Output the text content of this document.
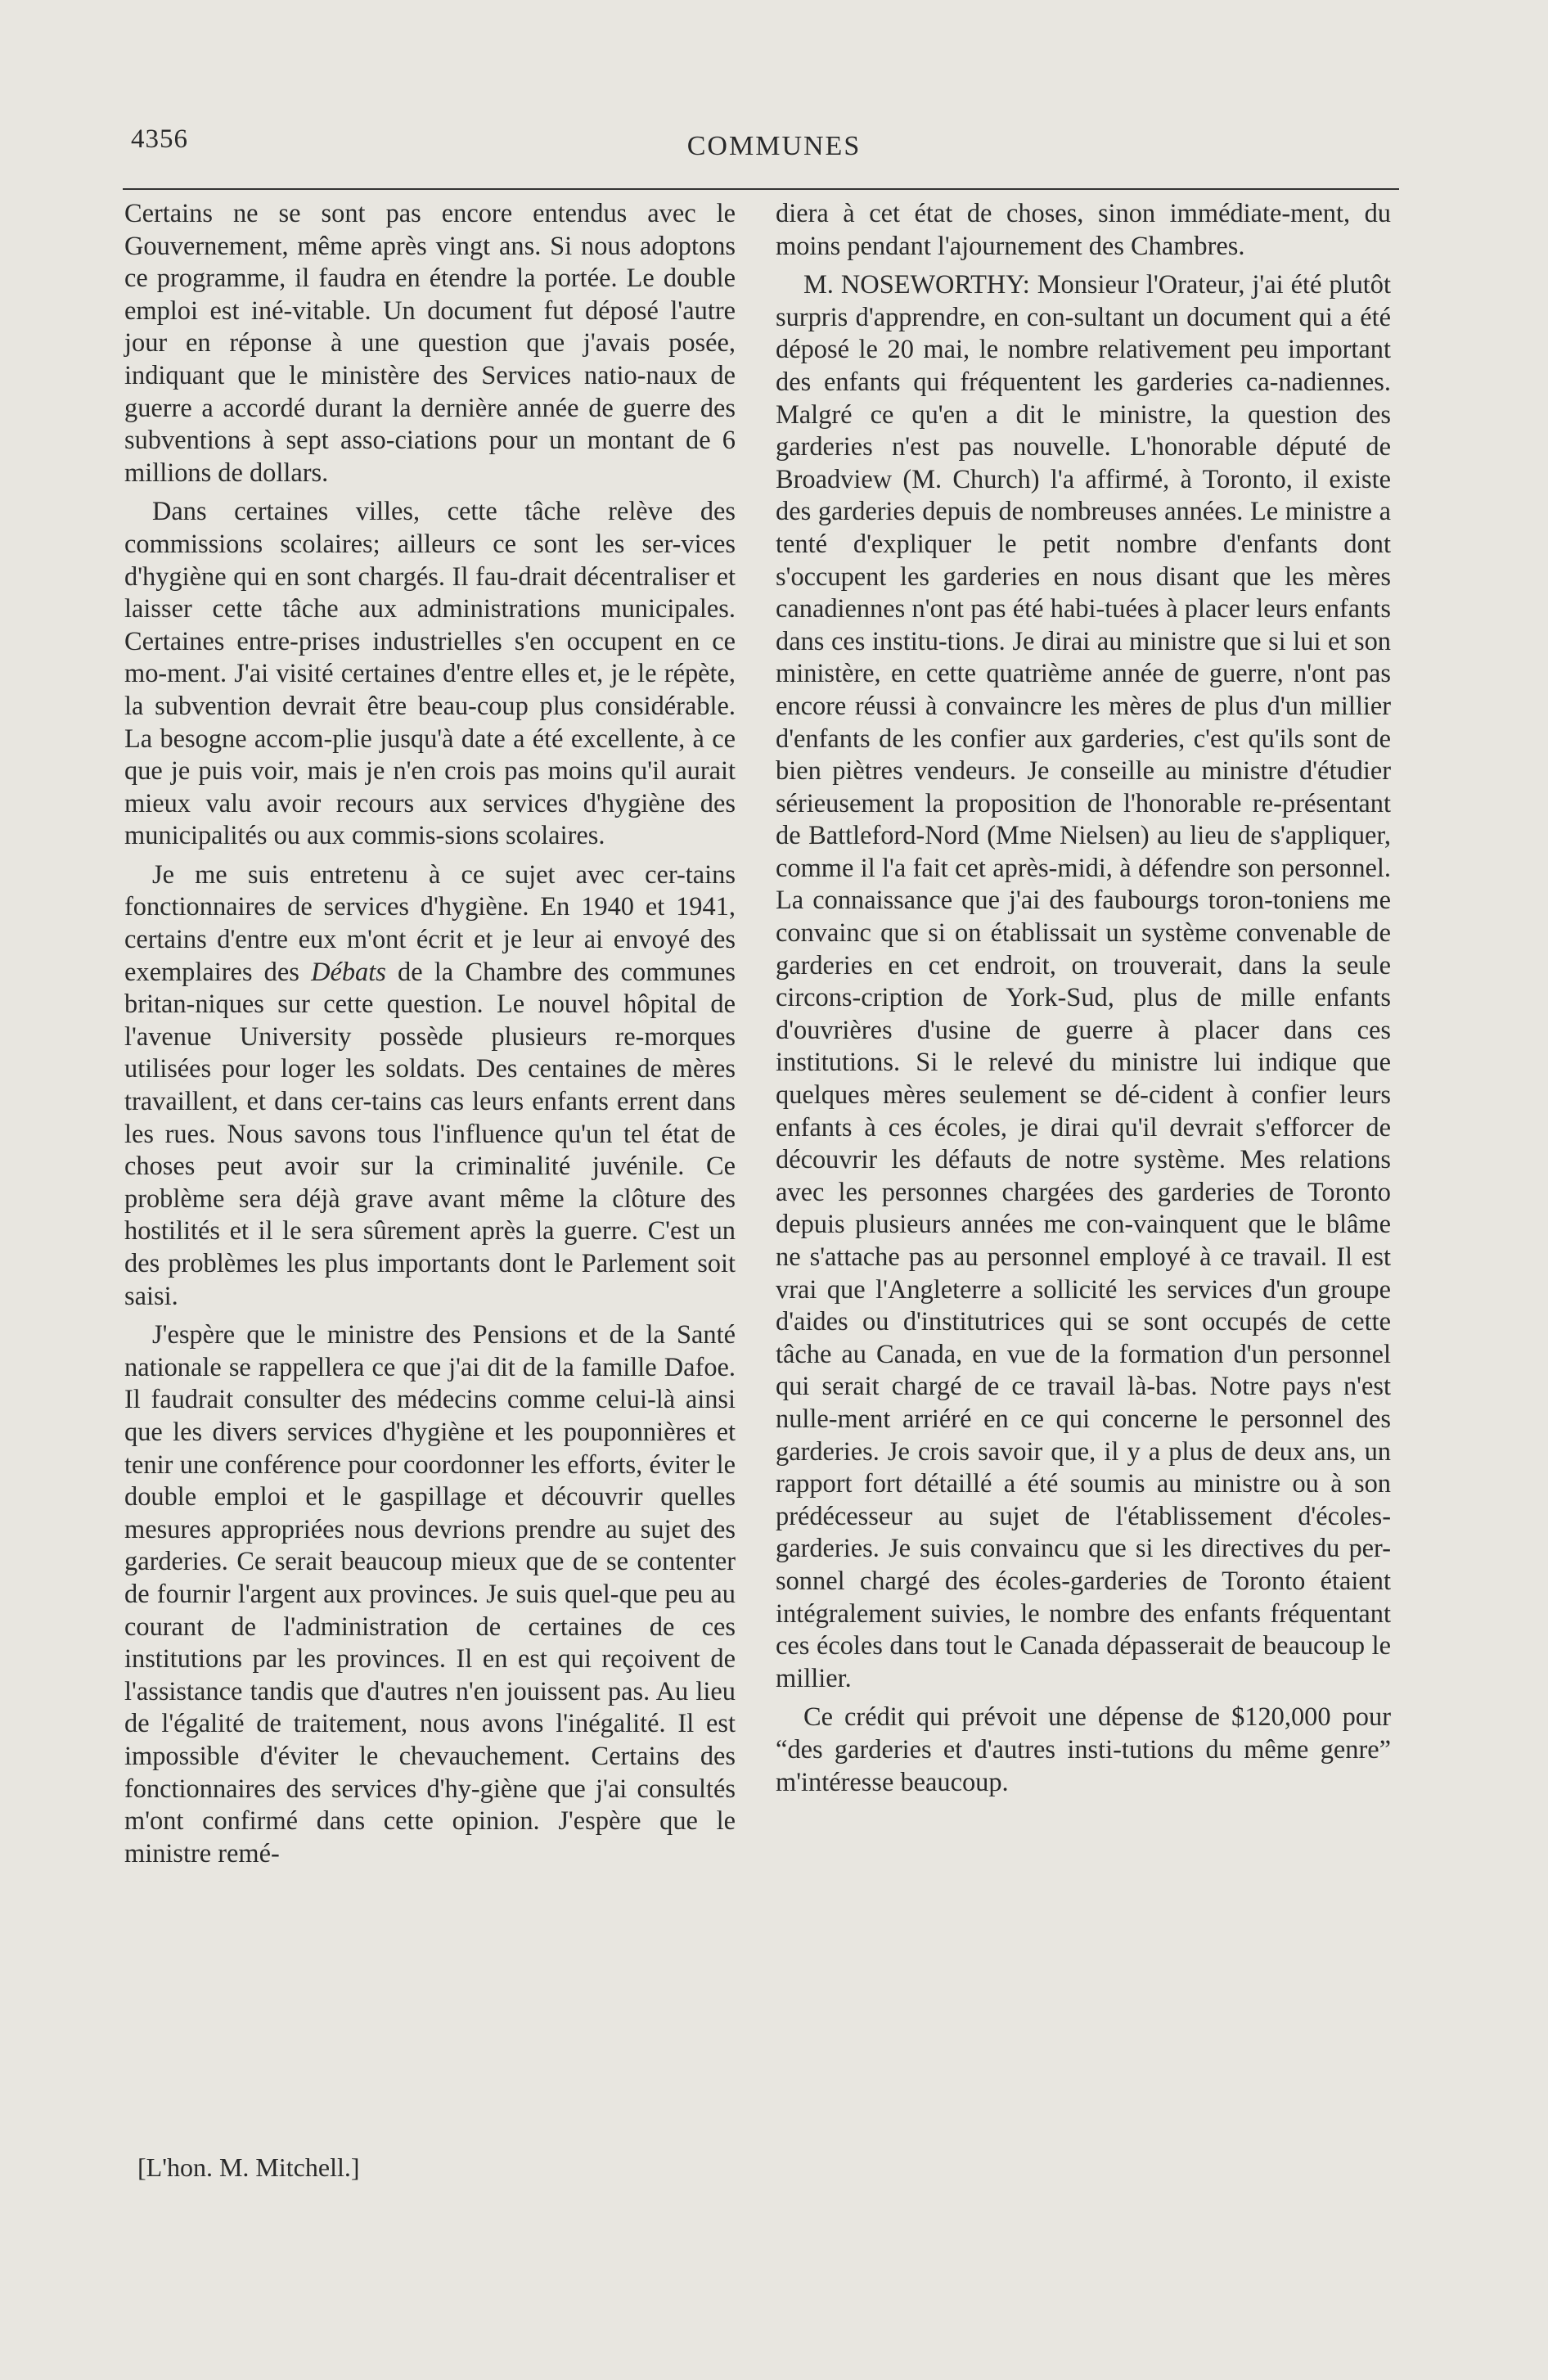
4356	COMMUNES

Certains ne se sont pas encore entendus avec le Gouvernement, même après vingt ans. Si nous adoptons ce programme, il faudra en étendre la portée. Le double emploi est iné-vitable. Un document fut déposé l'autre jour en réponse à une question que j'avais posée, indiquant que le ministère des Services natio-naux de guerre a accordé durant la dernière année de guerre des subventions à sept asso-ciations pour un montant de 6 millions de dollars.

Dans certaines villes, cette tâche relève des commissions scolaires; ailleurs ce sont les ser-vices d'hygiène qui en sont chargés. Il fau-drait décentraliser et laisser cette tâche aux administrations municipales. Certaines entre-prises industrielles s'en occupent en ce mo-ment. J'ai visité certaines d'entre elles et, je le répète, la subvention devrait être beau-coup plus considérable. La besogne accom-plie jusqu'à date a été excellente, à ce que je puis voir, mais je n'en crois pas moins qu'il aurait mieux valu avoir recours aux services d'hygiène des municipalités ou aux commis-sions scolaires.

Je me suis entretenu à ce sujet avec cer-tains fonctionnaires de services d'hygiène. En 1940 et 1941, certains d'entre eux m'ont écrit et je leur ai envoyé des exemplaires des Débats de la Chambre des communes britan-niques sur cette question. Le nouvel hôpital de l'avenue University possède plusieurs re-morques utilisées pour loger les soldats. Des centaines de mères travaillent, et dans cer-tains cas leurs enfants errent dans les rues. Nous savons tous l'influence qu'un tel état de choses peut avoir sur la criminalité juvénile. Ce problème sera déjà grave avant même la clôture des hostilités et il le sera sûrement après la guerre. C'est un des problèmes les plus importants dont le Parlement soit saisi.

J'espère que le ministre des Pensions et de la Santé nationale se rappellera ce que j'ai dit de la famille Dafoe. Il faudrait consulter des médecins comme celui-là ainsi que les divers services d'hygiène et les pouponnières et tenir une conférence pour coordonner les efforts, éviter le double emploi et le gaspillage et découvrir quelles mesures appropriées nous devrions prendre au sujet des garderies. Ce serait beaucoup mieux que de se contenter de fournir l'argent aux provinces. Je suis quel-que peu au courant de l'administration de certaines de ces institutions par les provinces. Il en est qui reçoivent de l'assistance tandis que d'autres n'en jouissent pas. Au lieu de l'égalité de traitement, nous avons l'inégalité. Il est impossible d'éviter le chevauchement. Certains des fonctionnaires des services d'hy-giène que j'ai consultés m'ont confirmé dans cette opinion. J'espère que le ministre remé-

[L'hon. M. Mitchell.]

diera à cet état de choses, sinon immédiate-ment, du moins pendant l'ajournement des Chambres.

M. NOSEWORTHY: Monsieur l'Orateur, j'ai été plutôt surpris d'apprendre, en con-sultant un document qui a été déposé le 20 mai, le nombre relativement peu important des enfants qui fréquentent les garderies ca-nadiennes. Malgré ce qu'en a dit le ministre, la question des garderies n'est pas nouvelle. L'honorable député de Broadview (M. Church) l'a affirmé, à Toronto, il existe des garderies depuis de nombreuses années. Le ministre a tenté d'expliquer le petit nombre d'enfants dont s'occupent les garderies en nous disant que les mères canadiennes n'ont pas été habi-tuées à placer leurs enfants dans ces institu-tions. Je dirai au ministre que si lui et son ministère, en cette quatrième année de guerre, n'ont pas encore réussi à convaincre les mères de plus d'un millier d'enfants de les confier aux garderies, c'est qu'ils sont de bien piètres vendeurs. Je conseille au ministre d'étudier sérieusement la proposition de l'honorable re-présentant de Battleford-Nord (Mme Nielsen) au lieu de s'appliquer, comme il l'a fait cet après-midi, à défendre son personnel. La connaissance que j'ai des faubourgs toron-toniens me convainc que si on établissait un système convenable de garderies en cet endroit, on trouverait, dans la seule circons-cription de York-Sud, plus de mille enfants d'ouvrières d'usine de guerre à placer dans ces institutions. Si le relevé du ministre lui indique que quelques mères seulement se dé-cident à confier leurs enfants à ces écoles, je dirai qu'il devrait s'efforcer de découvrir les défauts de notre système. Mes relations avec les personnes chargées des garderies de Toronto depuis plusieurs années me con-vainquent que le blâme ne s'attache pas au personnel employé à ce travail. Il est vrai que l'Angleterre a sollicité les services d'un groupe d'aides ou d'institutrices qui se sont occupés de cette tâche au Canada, en vue de la formation d'un personnel qui serait chargé de ce travail là-bas. Notre pays n'est nulle-ment arriéré en ce qui concerne le personnel des garderies. Je crois savoir que, il y a plus de deux ans, un rapport fort détaillé a été soumis au ministre ou à son prédécesseur au sujet de l'établissement d'écoles-garderies. Je suis convaincu que si les directives du per-sonnel chargé des écoles-garderies de Toronto étaient intégralement suivies, le nombre des enfants fréquentant ces écoles dans tout le Canada dépasserait de beaucoup le millier.

Ce crédit qui prévoit une dépense de $120,000 pour “des garderies et d'autres insti-tutions du même genre” m'intéresse beaucoup.
